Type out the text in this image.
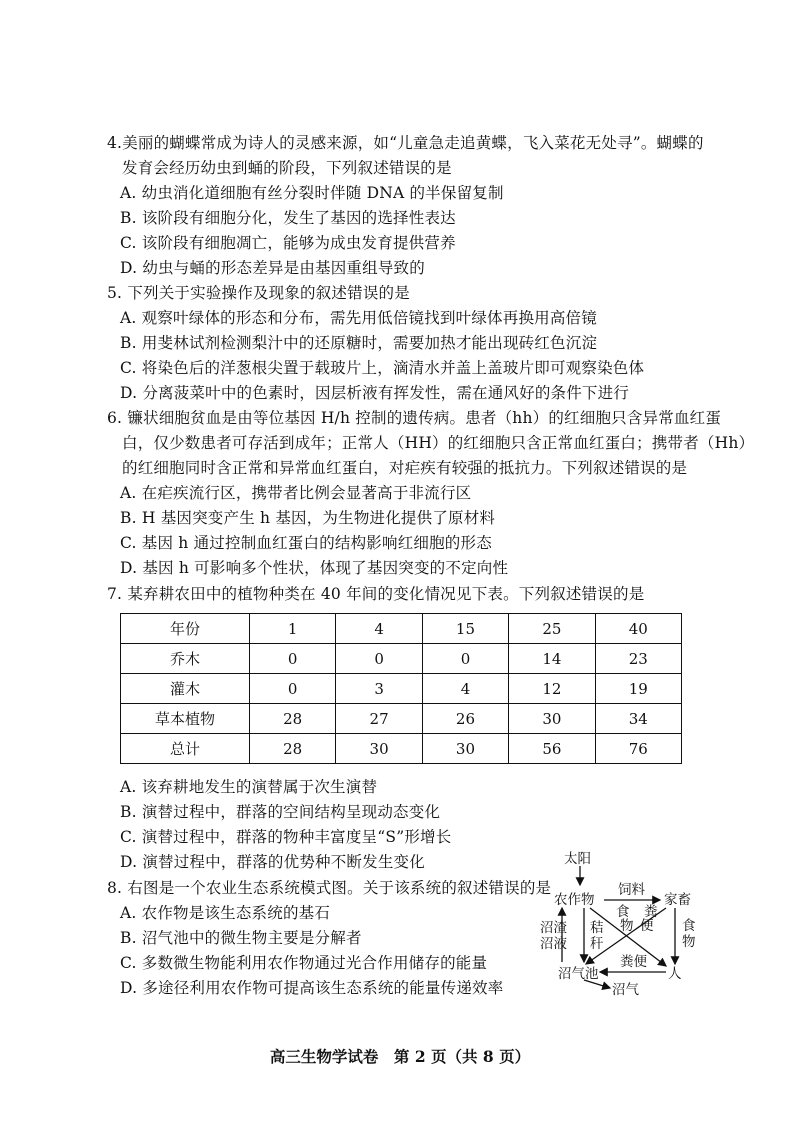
4.美丽的蝴蝶常成为诗人的灵感来源，如“儿童急走追黄蝶，飞入菜花无处寻”。蝴蝶的
发育会经历幼虫到蛹的阶段，下列叙述错误的是
A. 幼虫消化道细胞有丝分裂时伴随 DNA 的半保留复制
B. 该阶段有细胞分化，发生了基因的选择性表达
C. 该阶段有细胞凋亡，能够为成虫发育提供营养
D. 幼虫与蛹的形态差异是由基因重组导致的
5. 下列关于实验操作及现象的叙述错误的是
A. 观察叶绿体的形态和分布，需先用低倍镜找到叶绿体再换用高倍镜
B. 用斐林试剂检测梨汁中的还原糖时，需要加热才能出现砖红色沉淀
C. 将染色后的洋葱根尖置于载玻片上，滴清水并盖上盖玻片即可观察染色体
D. 分离菠菜叶中的色素时，因层析液有挥发性，需在通风好的条件下进行
6. 镰状细胞贫血是由等位基因 H/h 控制的遗传病。患者（hh）的红细胞只含异常血红蛋
白，仅少数患者可存活到成年；正常人（HH）的红细胞只含正常血红蛋白；携带者（Hh）
的红细胞同时含正常和异常血红蛋白，对疟疾有较强的抵抗力。下列叙述错误的是
A. 在疟疾流行区，携带者比例会显著高于非流行区
B. H 基因突变产生 h 基因，为生物进化提供了原材料
C. 基因 h 通过控制血红蛋白的结构影响红细胞的形态
D. 基因 h 可影响多个性状，体现了基因突变的不定向性
7. 某弃耕农田中的植物种类在 40 年间的变化情况见下表。下列叙述错误的是
年份	1	4	15	25	40
乔木	0	0	0	14	23
灌木	0	3	4	12	19
草本植物	28	27	26	30	34
总计	28	30	30	56	76
A. 该弃耕地发生的演替属于次生演替
B. 演替过程中，群落的空间结构呈现动态变化
C. 演替过程中，群落的物种丰富度呈“S”形增长
D. 演替过程中，群落的优势种不断发生变化
8. 右图是一个农业生态系统模式图。关于该系统的叙述错误的是
A. 农作物是该生态系统的基石
B. 沼气池中的微生物主要是分解者
C. 多数微生物能利用农作物通过光合作用储存的能量
D. 多途径利用农作物可提高该生态系统的能量传递效率
太阳
农作物
饲料
家畜
食
物
粪
便 食
物
沼渣
沼液
秸
秆
沼气池
粪便
人
沼气
高三生物学试卷　第 2 页（共 8 页）
